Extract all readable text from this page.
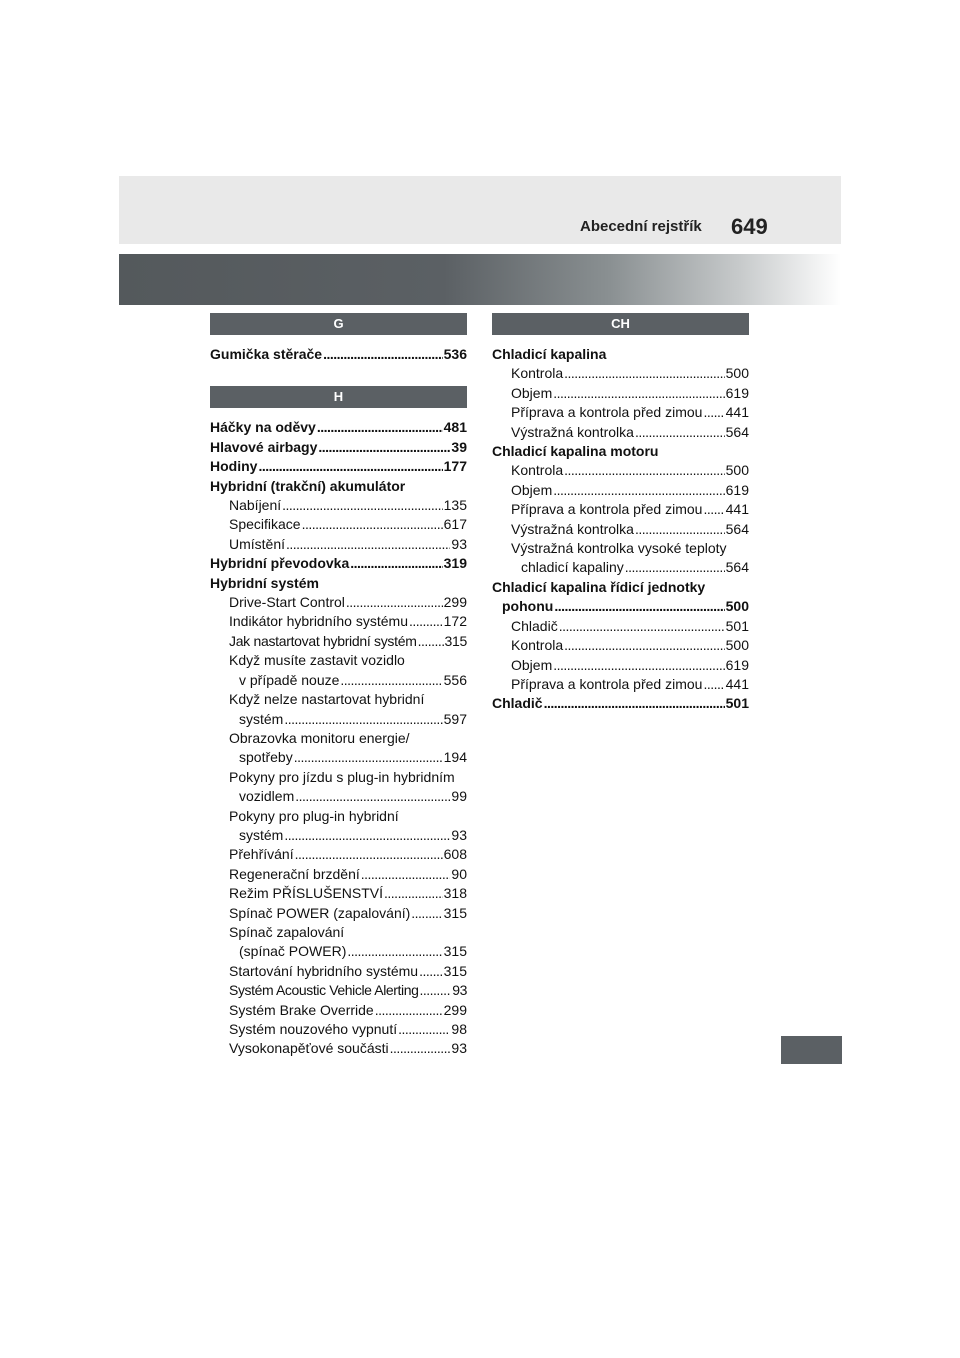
Abecední rejstřík 649
G
Gumička stěrače . . .	536
H
Háčky na oděvy . . .	481
Hlavové airbagy . . .	39
Hodiny . . .	177
Hybridní (trakční) akumulátor
Nabíjení . . .	135
Specifikace . . .	617
Umístění . . .	93
Hybridní převodovka . . .	319
Hybridní systém
Drive-Start Control . . .	299
Indikátor hybridního systému . . .	172
Jak nastartovat hybridní systém . . . 315
Když musíte zastavit vozidlo
v případě nouze . . .	556
Když nelze nastartovat hybridní
systém . . .	597
Obrazovka monitoru energie/
spotřeby . . .	194
Pokyny pro jízdu s plug-in hybridním
vozidlem . . .	99
Pokyny pro plug-in hybridní
systém . . .	93
Přehřívání . . .	608
Regenerační brzdění . . .	90
Režim PŘÍSLUŠENSTVÍ . . .	318
Spínač POWER (zapalování) . . . 315
Spínač zapalování
(spínač POWER) . . .	315
Startování hybridního systému . . . 315
Systém Acoustic Vehicle Alerting . . . 93
Systém Brake Override . . .	299
Systém nouzového vypnutí . . .	98
Vysokonapěťové součásti . . .	93
CH
Chladicí kapalina
Kontrola . . .	500
Objem . . .	619
Příprava a kontrola před zimou . . . 441
Výstražná kontrolka . . .	564
Chladicí kapalina motoru
Kontrola . . .	500
Objem . . .	619
Příprava a kontrola před zimou . . . 441
Výstražná kontrolka . . .	564
Výstražná kontrolka vysoké teploty
chladicí kapaliny . . .	564
Chladicí kapalina řídicí jednotky
pohonu . . .	500
Chladič . . .	501
Kontrola . . .	500
Objem . . .	619
Příprava a kontrola před zimou . . . 441
Chladič . . .	501
